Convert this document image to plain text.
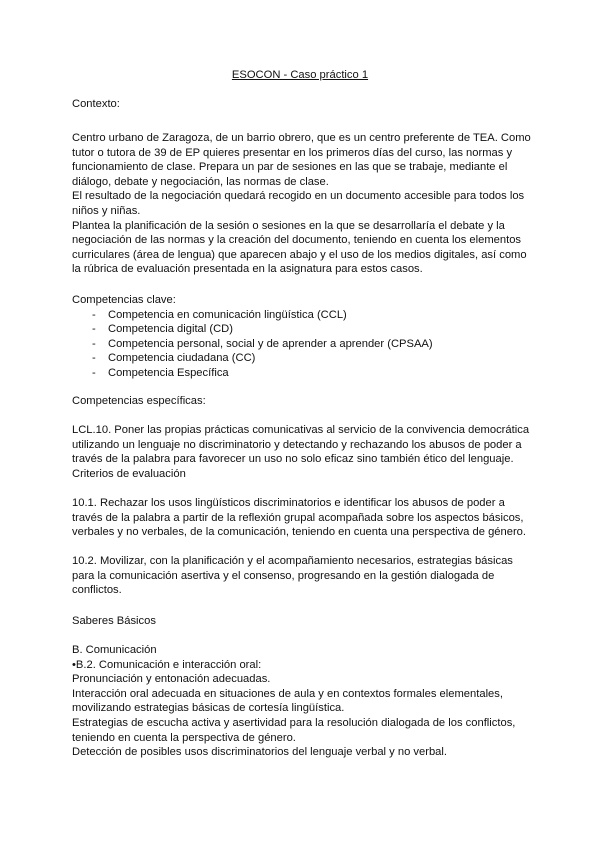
ESOCON - Caso práctico 1
Contexto:

Centro urbano de Zaragoza, de un barrio obrero, que es un centro preferente de TEA. Como tutor o tutora de 39 de EP quieres presentar en los primeros días del curso, las normas y funcionamiento de clase. Prepara un par de sesiones en las que se trabaje, mediante el diálogo, debate y negociación, las normas de clase.

El resultado de la negociación quedará recogido en un documento accesible para todos los niños y niñas.

Plantea la planificación de la sesión o sesiones en la que se desarrollaría el debate y la negociación de las normas y la creación del documento, teniendo en cuenta los elementos curriculares (área de lengua) que aparecen abajo y el uso de los medios digitales, así como la rúbrica de evaluación presentada en la asignatura para estos casos.

Competencias clave:

- Competencia en comunicación lingüística (CCL)
- Competencia digital (CD)
- Competencia personal, social y de aprender a aprender (CPSAA)
- Competencia ciudadana (CC)
- Competencia Específica
Competencias específicas:

LCL.10. Poner las propias prácticas comunicativas al servicio de la convivencia democrática utilizando un lenguaje no discriminatorio y detectando y rechazando los abusos de poder a través de la palabra para favorecer un uso no solo eficaz sino también ético del lenguaje.

Criterios de evaluación

10.1. Rechazar los usos lingüísticos discriminatorios e identificar los abusos de poder a través de la palabra a partir de la reflexión grupal acompañada sobre los aspectos básicos, verbales y no verbales, de la comunicación, teniendo en cuenta una perspectiva de género.
10.2. Movilizar, con la planificación y el acompañamiento necesarios, estrategias básicas para la comunicación asertiva y el consenso, progresando en la gestión dialogada de conflictos.
Saberes Básicos

B. Comunicación

•B.2. Comunicación e interacción oral:

Pronunciación y entonación adecuadas.

Interacción oral adecuada en situaciones de aula y en contextos formales elementales, movilizando estrategias básicas de cortesía lingüística.

Estrategias de escucha activa y asertividad para la resolución dialogada de los conflictos, teniendo en cuenta la perspectiva de género.

Detección de posibles usos discriminatorios del lenguaje verbal y no verbal.
